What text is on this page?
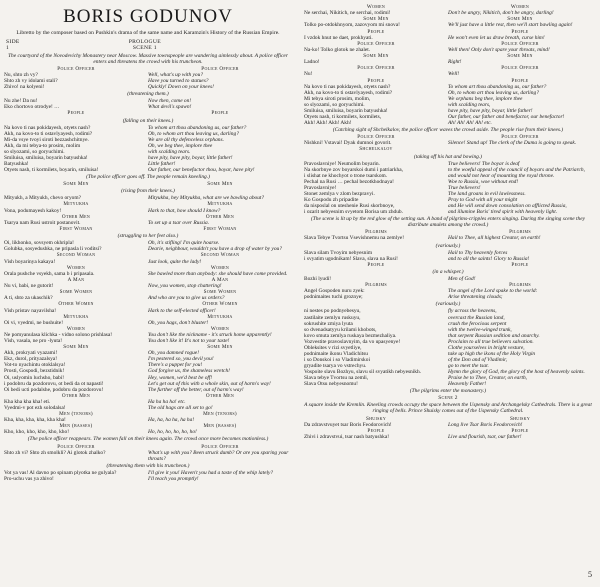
BORIS GODUNOV
Libretto by the composer based on Pushkin's drama of the same name and Karamzin's History of the Russian Empire.
SIDE
1
PROLOGUE
SCENE 1
The courtyard of the Novodevichy Monastery near Moscow. Massive townspeople are wandering aimlessly about. A police officer enters and threatens the crowd with his truncheon.
Police Officer	Police Officer
Nu, shto zh vy?	Well, what's up with you?
Shto zh vy idolami stali?	Have you turned to statues?
Zhivo! na kolyeni!	Quickly! Down on your knees!
(threatening them.)
Nu zhe! Da nu!	Now then, come on!
Eko chortovo otrodye! …	What devil's spawn!
People	People
(falling on their knees.)
Na kovo ti nas pokidayesh, otyets nash?	To whom art thou abandoning us, our father?
Akh, na kovo-to ti ostavlyayesh, rodimi?	Oh, to whom art thou leaving us, darling?
Mi-da vsye tvoyi siroti bezzashchitnye.	We are all thy defenceless orphans.
Akh, da mi tebya-to prosim, molim	Oh, we beg thee, implore thee
so slyozami, so goryuchimi.	with scalding tears.
Smiluisa, smiluisa, boyarin batyushka!	have pity, have pity, boyar, little father!
Batyushka!	Little father!
Otyets nash, ti kormilets, boyarin, smiluisa!	Our father, our benefactor thou, boyar, have pity!
(The police officer goes off. The people remain kneeling.)
Some Men	Some Men
(rising from their knees.)
Mityukh, a Mityukh, chevo oryom?	Mityukha, hey Mityukha, what are we bawling about?
Mityukha	Mityukha
Vona, podumayesh kakoy!	Hark to that, how should I know?
Other Men	Other Men
Tsarya nam Rusi ustroit postanovit.	To set up a tsar over Russia.
First Woman	First Woman
(struggling to her feet also.)
Oi, likhonko, sovsyem okhripla!	Oh, it's stifling! I'm quite hoarse.
Golubka, sosyedushka, ne pripasla li voditsi?	Dearie, neighbour, wouldn't you have a drop of water by you?
Second Woman	Second Woman
Vish boyarinya kakaya!	Just look, quite the lady!
Women	Women
Orala pushche vsyekh, sama b i pripasala.	She bawled more than anybody: she should have come provided.
A Man	A Man
Nu vi, babi, ne gutorit!	Now, you women, stop chattering!
Some Women	Some Women
A ti, shto za ukaschik?	And who are you to give us orders?
Other Women	Other Women
Vish pristav nayavilsha!	Hark to the self-elected officer!
Mityukha	Mityukha
Oi vi, vyedmi, ne bushuite!	Oh, you hags, don't bluster!
Women	Women
Ne pomyanulasa klichka - vidno solono prishlasa!	You don't like the nickname - it's struck home apparently!
Vish, vasala, ne pro -lyuta!	You don't like it! It's not to your taste!
Some Men	Some Men
Akh, prokryati vyazami!	Oh, you damned rogue!
Ekz, durol, prityazalsya!	I'm pestered so, you devil you!
Vot-to nyachintu otoklalsya!	There's a puppet for you!
Prosti, Gospodi, bezstidnik!	God forgive us, the shameless wretch!
Oi, uslyomin luchsho, babi!	Hey, women, we'd best be off!
i podobru da pozdorovu, ot bedi da ot napasti!	Let's get out of this with a whole skin, out of harm's way!
Oi bedi ucti podalshe, podobru da pozdorovu!	The further off the better, out of harm's way!
Other Men	Other Men
Kha kha kha kha! eti.	Ha ha ha ha! etc.
Vyedmi-v pot ezh solodalsa!	The old hags are all set to go!
Men (tenors)	Men (tenors)
Kha, kha, kha, kha, kha kha!	Ha, ha, ha ha, ha ha!
Men (basses)	Men (basses)
Kho, kho, kho, kho, kho, kho!	Ho, ho, ho, ho, ho, ho!
(The police officer reappears. The women fall on their knees again. The crowd once more becomes motionless.)
Police Officer	Police Officer
Shto zh vi? Shto zh smolkli? Ai glotok zhalko?	What's up with you? Been struck dumb? Or are you sparing your throats?
(threatening them with his truncheon.)
Vot ya vas! Al davno po spinam plyotka ne gulyala?	I'll give it you! Haven't you had a taste of the whip lately?
Pro-uchu vas ya zhivo!	I'll teach you promptly!
Women	Women
Ne serchai, Nikitich, ne serchai, rodimi!	Don't be angry, Nikitich, don't be angry, darling!
Some Men	Some Men
Tolko po-otdokhnyom, zazovyom mi snova!	We'll just have a little rest, then we'll start bawling again!
People	People
I vzdok hnut ne daet, prokhyati.	He won't even let us draw breath, curse him!
Police Officer	Police Officer
Na-ko! Tolko glotok ne zhalet.	Well then! Only don't spare your throats, mind!
Some Men	Some Men
Ladno!	Right!
Police Officer	Police Officer
Nu!	Well!
People	People
Na kovo ti nas pokidayesh, otyets nash?	To whom art thou abandoning us, our father?
Akh, na kovo-to ti ostavlyayesh, rodimi?	Oh, to whom art thou leaving us, darling?
Mi tebya siroti prosim, molim,	We orphans beg thee, implore thee
so slyozami, so goryuchimi.	with scalding tears,
Smiluisa, smiluisa, boyarin batyushka!	have pity, have pity, boyar, little father!
Otyets nash, ti kormilets, kormilets,	Our father, our father and benefactor, our benefactor!
Akh! Akh! Akh! Akh!	Ah! Ah! Ah! Ah! etc.
(Catching sight of Shchelkalov, the police officer waves the crowd aside. The people rise from their knees.)
Police Officer	Police Officer
Nishkni! Vstavai! Dyak dumnoi govorit.	Silence! Stand up! The clerk of the Duma is going to speak.
Shchelkalov
(taking off his hat and bowing.)
Pravoslavniye! Neumolim boyarin.	True believers! The boyar is deaf
Na skorbnye zov boyarskoi dumi i patriarkha,	to the woeful appeal of the council of boyars and the Patriarch,
i slishat ne khochyot o trone tsarskom.	and would not hear of mounting the royal throne.
Pechal na Rusi … pechal bezotkhodnaya!	Woe to Russia, woe without end!
Pravoslavniye!	True believers!
Stonet zemlya v zlom bezpravyi.	The land groans in evil lawlessness.
Ko Gospodu zh pripadite	Pray to God with all your might
da nisposlal on uteshenie Rusi skorbnoye,	and He will send down consolation on afflicted Russia,
i ozarit nebyesnim svyetom Borisa um zhdub.	and illumine Boris' tired spirit with heavenly light.
(The scene is lit up by the red glow of the setting sun. A band of pilgrims-cripples enters singing. During the singing scene they distribute amulets among the crowd.)
Pilgrims	Pilgrims
Slava Tebye Tvortsu Vsevishnemu na zemlye!	Hail to Thee, all highest Creator, on earth!
(variously.)
Slava silam Tvoyim nebyesnim	Hail to Thy heavenly forces
i svyatim ugodnikam! Slava, slava na Rusi!	and to all the saints! Glory to Russia!
People	People
(in a whisper.)
Bozhi lyudi!	Men of God!
Pilgrims	Pilgrims
Angel Gospoden nuru zyek:	The angel of the Lord spake to the world:
podnimaites tuchi groznye;	Arise threatening clouds;
(variously.)
ni nestes po podnyebesyu,	fly across the heavens,
zastilaite zemlyu ruskuyu,	overcast the Russian land,
sokrushite zmiya lyuta	crush the ferocious serpent
so dvenadsatyyu krilami khobots,	with the twelve-winged trunk,
kovo smuta zemlya ruskaya bezmezhaliya.	that serpent Russian sedition and anarchy.
Vozvestite pravoslavnyim, da vo upasyenye!	Proclaim to all true believers salvation.
Obleksites v rizi svyetliye,	Clothe yourselves in bright vesture,
podnimaite ikonu Vladichitsu	take up high the ikons of the Holy Virgin
i so Donskoi i so Vladimirskoi	of the Don and of Vladimir,
gryadite tsarya vo vstrechyu.	go to meet the tsar.
Vospoite slavu Bozhyu, slavu sil svyatikh nebyesnikh.	Hymn the glory of God, the glory of the host of heavenly saints.
Slava tebye Tvortsu na zemli,	Praise be to Thee, Creator, on earth,
Slava Otsu nebyesnomu!	Heavenly Father!
(The pilgrims enter the monastery.)
Scene 2
A square inside the Kremlin. Kneeling crowds occupy the space between the Uspensky and Archangelsky Cathedrals. There is a great ringing of bells. Prince Shuisky comes out of the Uspensky Cathedral.
Shuisky	Shuisky
Da zdravstvuyet tsar Boris Feodorovich!	Long live Tsar Boris Feodorovich!
People	People
Zhivi i zdravstvui, tsar nash batyushka!	Live and flourish, tsar, our father!
5
